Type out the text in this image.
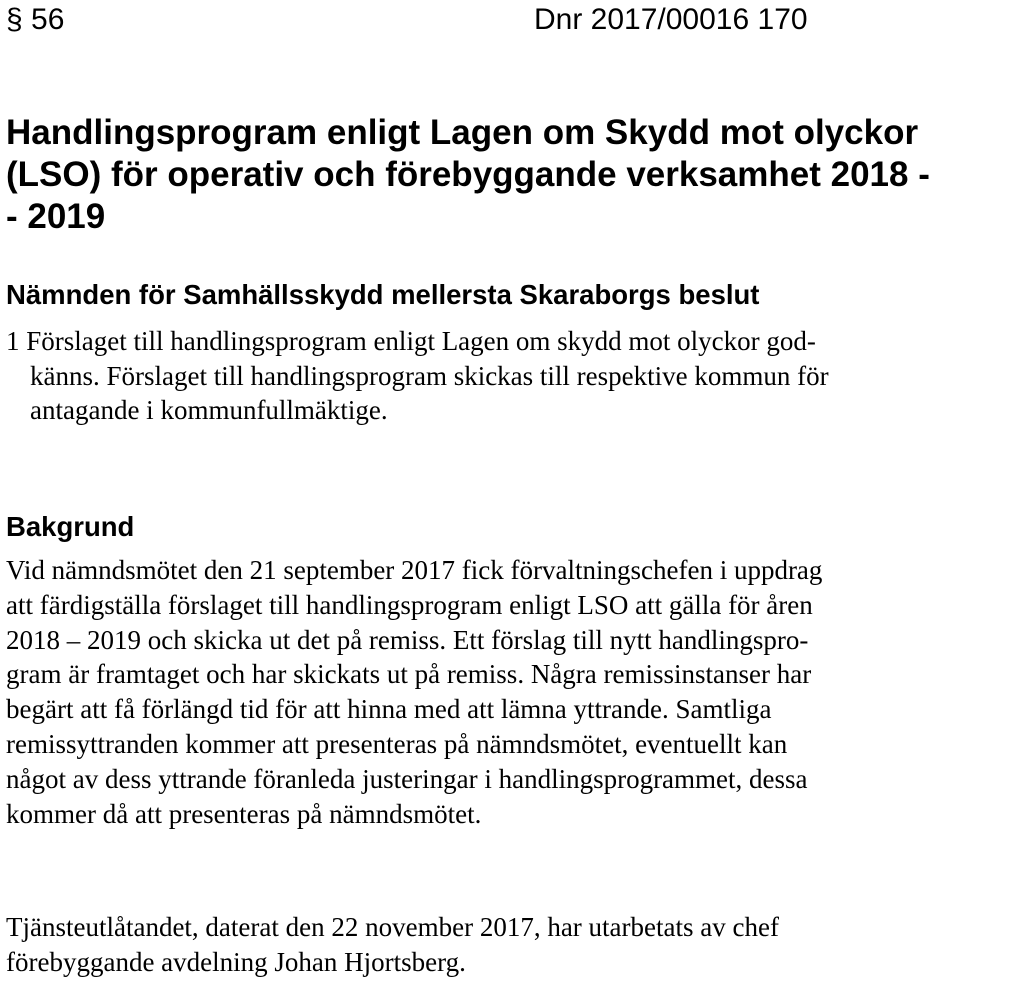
§ 56	Dnr 2017/00016 170
Handlingsprogram enligt Lagen om Skydd mot olyckor
(LSO) för operativ och förebyggande verksamhet 2018 -
- 2019
Nämnden för Samhällsskydd mellersta Skaraborgs beslut

1 Förslaget till handlingsprogram enligt Lagen om skydd mot olyckor god-
känns. Förslaget till handlingsprogram skickas till respektive kommun för
antagande i kommunfullmäktige.

Bakgrund

Vid nämndsmötet den 21 september 2017 fick förvaltningschefen i uppdrag
att färdigställa förslaget till handlingsprogram enligt LSO att gälla för åren
2018 – 2019 och skicka ut det på remiss. Ett förslag till nytt handlingspro-
gram är framtaget och har skickats ut på remiss. Några remissinstanser har
begärt att få förlängd tid för att hinna med att lämna yttrande. Samtliga
remissyttranden kommer att presenteras på nämndsmötet, eventuellt kan
något av dess yttrande föranleda justeringar i handlingsprogrammet, dessa
kommer då att presenteras på nämndsmötet.

Tjänsteutlåtandet, daterat den 22 november 2017, har utarbetats av chef
förebyggande avdelning Johan Hjortsberg.
